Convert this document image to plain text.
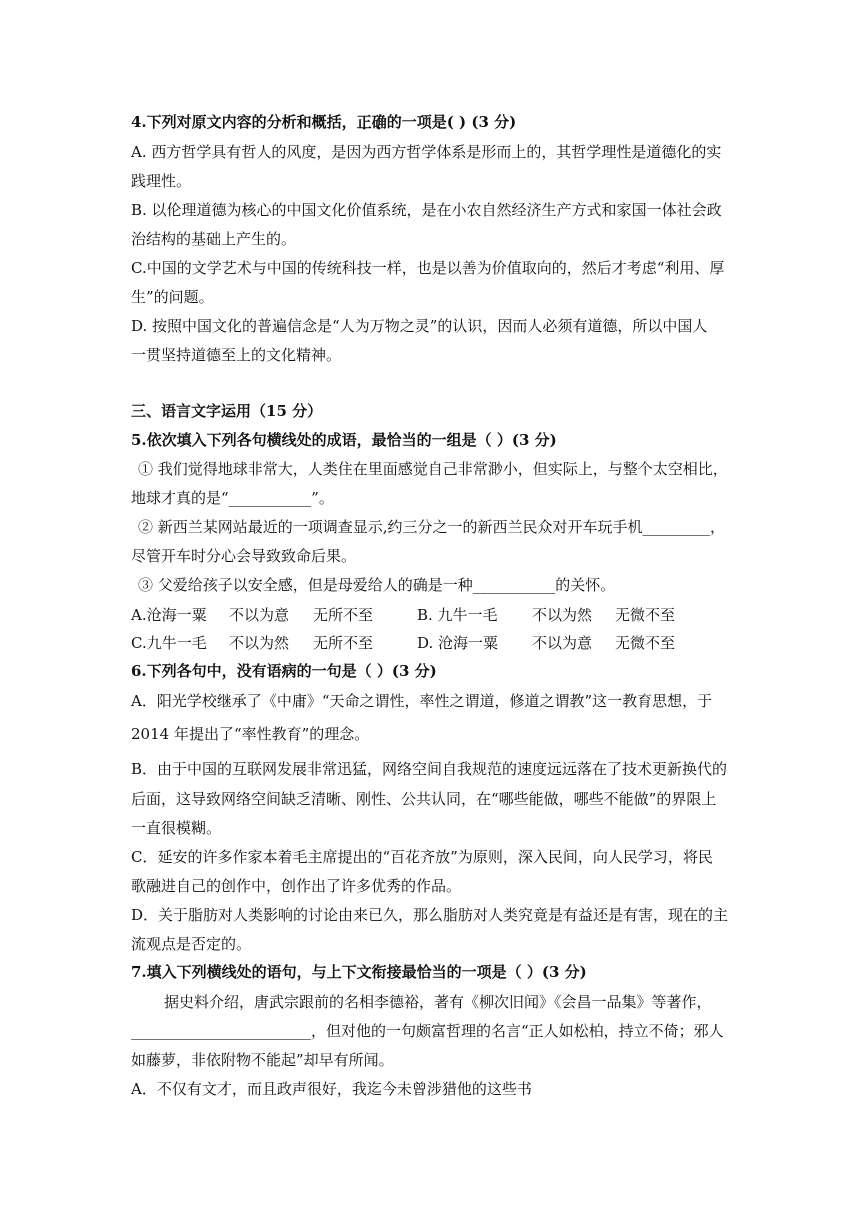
4.下列对原文内容的分析和概括，正确的一项是( ) (3 分)
A. 西方哲学具有哲人的风度，是因为西方哲学体系是形而上的，其哲学理性是道德化的实
践理性。
B. 以伦理道德为核心的中国文化价值系统，是在小农自然经济生产方式和家国一体社会政
治结构的基础上产生的。
C.中国的文学艺术与中国的传统科技一样，也是以善为价值取向的，然后才考虑“利用、厚
生”的问题。
D. 按照中国文化的普遍信念是“人为万物之灵”的认识，因而人必须有道德，所以中国人
一贯坚持道德至上的文化精神。
三、语言文字运用（15 分）
5.依次填入下列各句横线处的成语，最恰当的一组是（ ）(3 分)
① 我们觉得地球非常大，人类住在里面感觉自己非常渺小，但实际上，与整个太空相比，
地球才真的是“___________”。
② 新西兰某网站最近的一项调查显示,约三分之一的新西兰民众对开车玩手机_________，
尽管开车时分心会导致致命后果。
③ 父爱给孩子以安全感，但是母爱给人的确是一种___________的关怀。
A.沧海一粟 不以为意 无所不至	B. 九牛一毛 不以为然 无微不至
C.九牛一毛 不以为然 无所不至	D. 沧海一粟 不以为意 无微不至
6.下列各句中，没有语病的一句是（ ）(3 分)
A．阳光学校继承了《中庸》“天命之谓性，率性之谓道，修道之谓教”这一教育思想，于
2014 年提出了“率性教育”的理念。
B．由于中国的互联网发展非常迅猛，网络空间自我规范的速度远远落在了技术更新换代的
后面，这导致网络空间缺乏清晰、刚性、公共认同，在“哪些能做，哪些不能做”的界限上
一直很模糊。
C．延安的许多作家本着毛主席提出的“百花齐放”为原则，深入民间，向人民学习，将民
歌融进自己的创作中，创作出了许多优秀的作品。
D．关于脂肪对人类影响的讨论由来已久，那么脂肪对人类究竟是有益还是有害，现在的主
流观点是否定的。
7.填入下列横线处的语句，与上下文衔接最恰当的一项是（ ）(3 分)
据史料介绍，唐武宗跟前的名相李德裕，著有《柳次旧闻》《会昌一品集》等著作，
________________________，但对他的一句颇富哲理的名言“正人如松柏，持立不倚；邪人
如藤萝，非依附物不能起”却早有所闻。
A．不仅有文才，而且政声很好，我迄今未曾涉猎他的这些书
